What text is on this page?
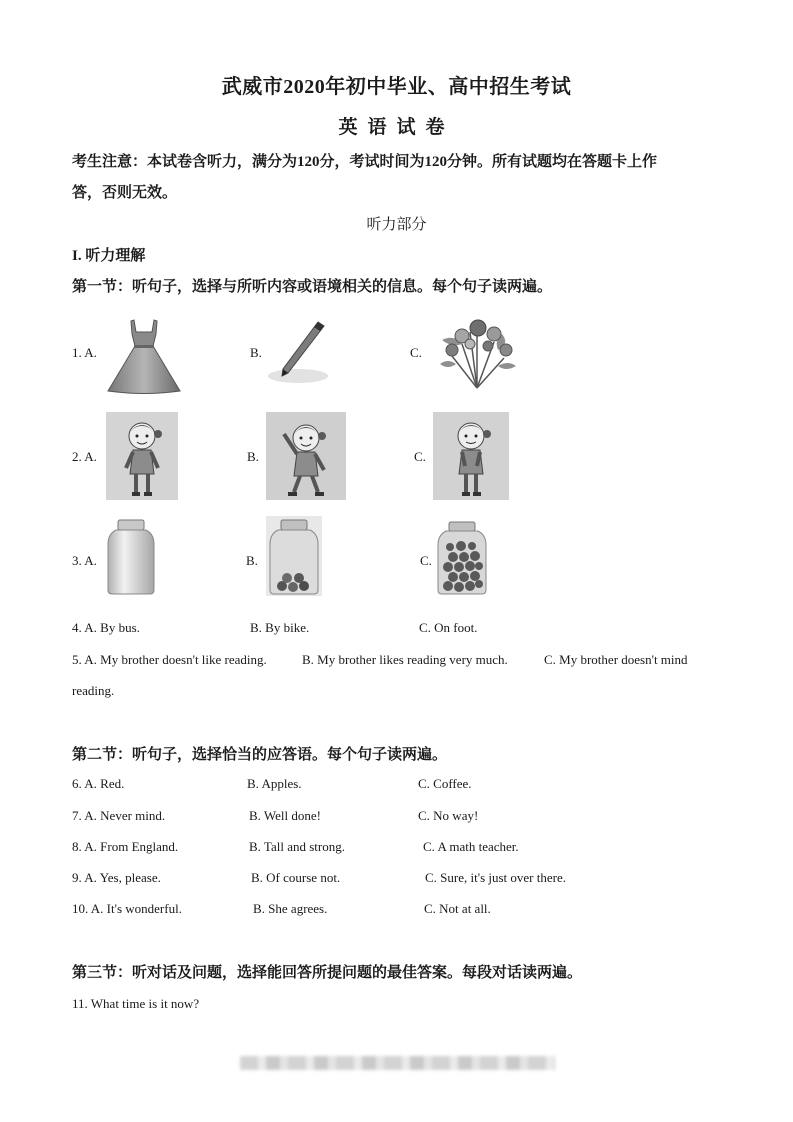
武威市2020年初中毕业、高中招生考试
英语试卷
考生注意：本试卷含听力，满分为120分，考试时间为120分钟。所有试题均在答题卡上作
答，否则无效。
听力部分
I. 听力理解
第一节：听句子，选择与所听内容或语境相关的信息。每个句子读两遍。
1. A.	B.	C.
2. A.	B.	C.
3. A.	B.	C.
4. A. By bus.	B. By bike.	C. On foot.
5. A. My brother doesn't like reading.	B. My brother likes reading very much.	C. My brother doesn't mind
reading.
第二节：听句子，选择恰当的应答语。每个句子读两遍。
6. A. Red.	B. Apples.	C. Coffee.
7. A. Never mind.	B. Well done!	C. No way!
8. A. From England.	B. Tall and strong.	C. A math teacher.
9. A. Yes, please.	B. Of course not.	C. Sure, it's just over there.
10. A. It's wonderful.	B. She agrees.	C. Not at all.
第三节：听对话及问题，选择能回答所提问题的最佳答案。每段对话读两遍。
11. What time is it now?
